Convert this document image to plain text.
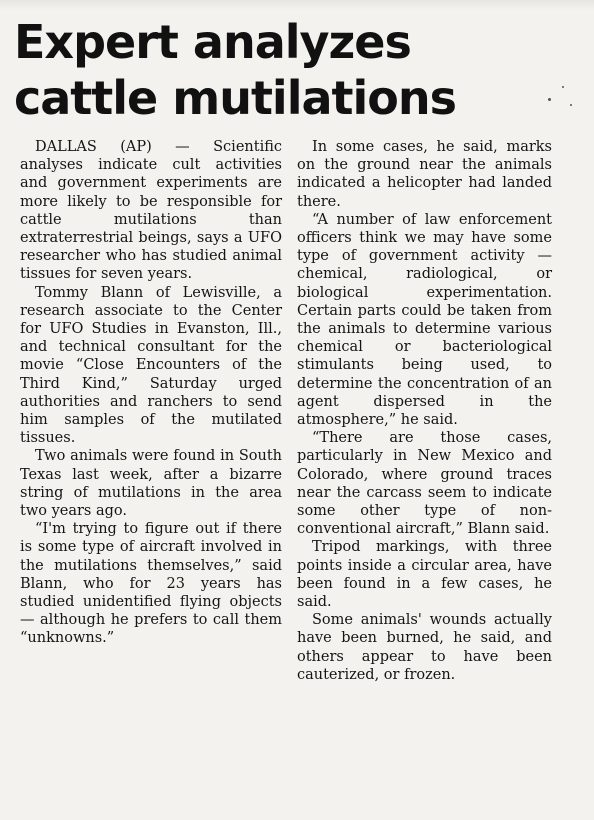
Expert analyzes
cattle mutilations

DALLAS (AP) — Scientific analyses indicate cult activities and government experiments are more likely to be responsible for cattle mutilations than extraterrestrial beings, says a UFO researcher who has studied animal tissues for seven years.

Tommy Blann of Lewisville, a research associate to the Center for UFO Studies in Evanston, Ill., and technical consultant for the movie “Close Encounters of the Third Kind,” Saturday urged authorities and ranchers to send him samples of the mutilated tissues.

Two animals were found in South Texas last week, after a bizarre string of mutilations in the area two years ago.

“I'm trying to figure out if there is some type of aircraft involved in the mutilations themselves,” said Blann, who for 23 years has studied unidentified flying objects — although he prefers to call them “unknowns.”

In some cases, he said, marks on the ground near the animals indicated a helicopter had landed there.

“A number of law enforcement officers think we may have some type of government activity — chemical, radiological, or biological experimentation. Certain parts could be taken from the animals to determine various chemical or bacteriological stimulants being used, to determine the concentration of an agent dispersed in the atmosphere,” he said.

“There are those cases, particularly in New Mexico and Colorado, where ground traces near the carcass seem to indicate some other type of non-conventional aircraft,” Blann said.

Tripod markings, with three points inside a circular area, have been found in a few cases, he said.

Some animals' wounds actually have been burned, he said, and others appear to have been cauterized, or frozen.
